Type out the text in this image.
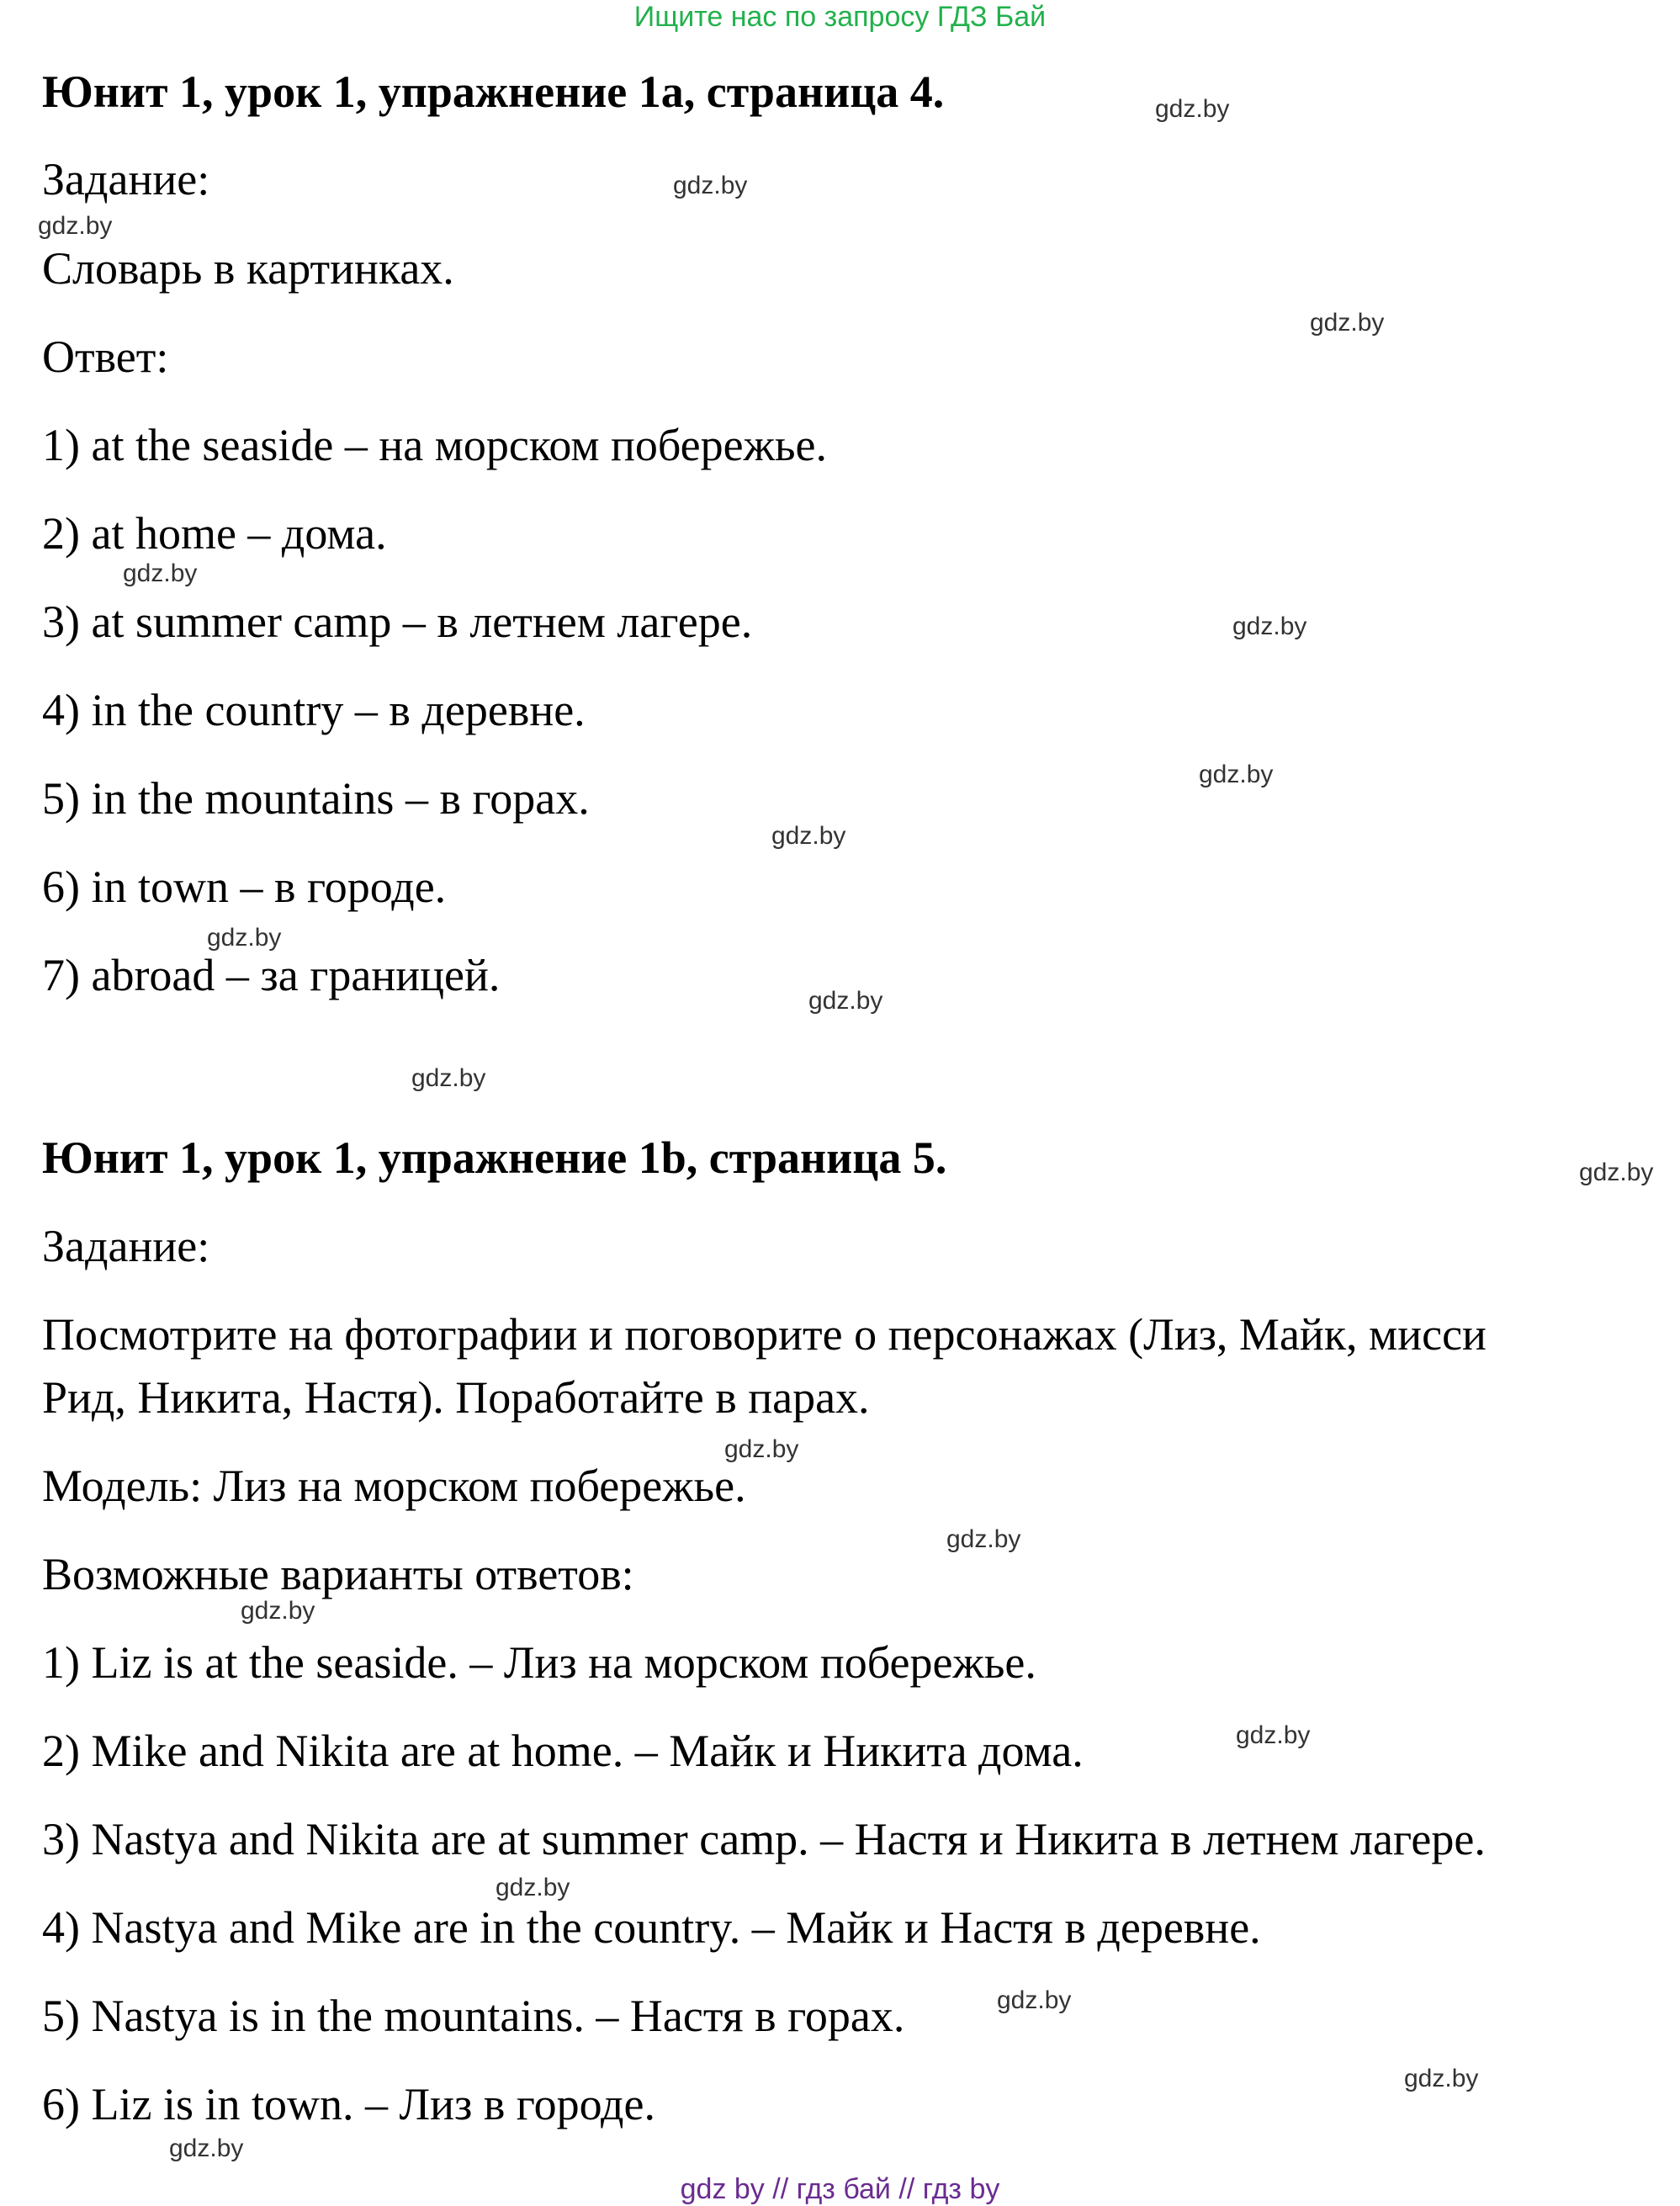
Ищите нас по запросу ГДЗ Бай
Юнит 1, урок 1, упражнение 1a, страница 4.
Задание:
Словарь в картинках.
Ответ:
1) at the seaside – на морском побережье.
2) at home – дома.
3) at summer camp – в летнем лагере.
4) in the country – в деревне.
5) in the mountains – в горах.
6) in town – в городе.
7) abroad – за границей.
Юнит 1, урок 1, упражнение 1b, страница 5.
Задание:
Посмотрите на фотографии и поговорите о персонажах (Лиз, Майк, мисси
Рид, Никита, Настя). Поработайте в парах.
Модель: Лиз на морском побережье.
Возможные варианты ответов:
1) Liz is at the seaside. – Лиз на морском побережье.
2) Mike and Nikita are at home. – Майк и Никита дома.
3) Nastya and Nikita are at summer camp. – Настя и Никита в летнем лагере.
4) Nastya and Mike are in the country. – Майк и Настя в деревне.
5) Nastya is in the mountains. – Настя в горах.
6) Liz is in town. – Лиз в городе.
gdz.by
gdz.by
gdz.by
gdz.by
gdz.by
gdz.by
gdz.by
gdz.by
gdz.by
gdz.by
gdz.by
gdz.by
gdz.by
gdz.by
gdz.by
gdz.by
gdz.by
gdz.by
gdz.by
gdz.by
gdz by // гдз бай // гдз by
